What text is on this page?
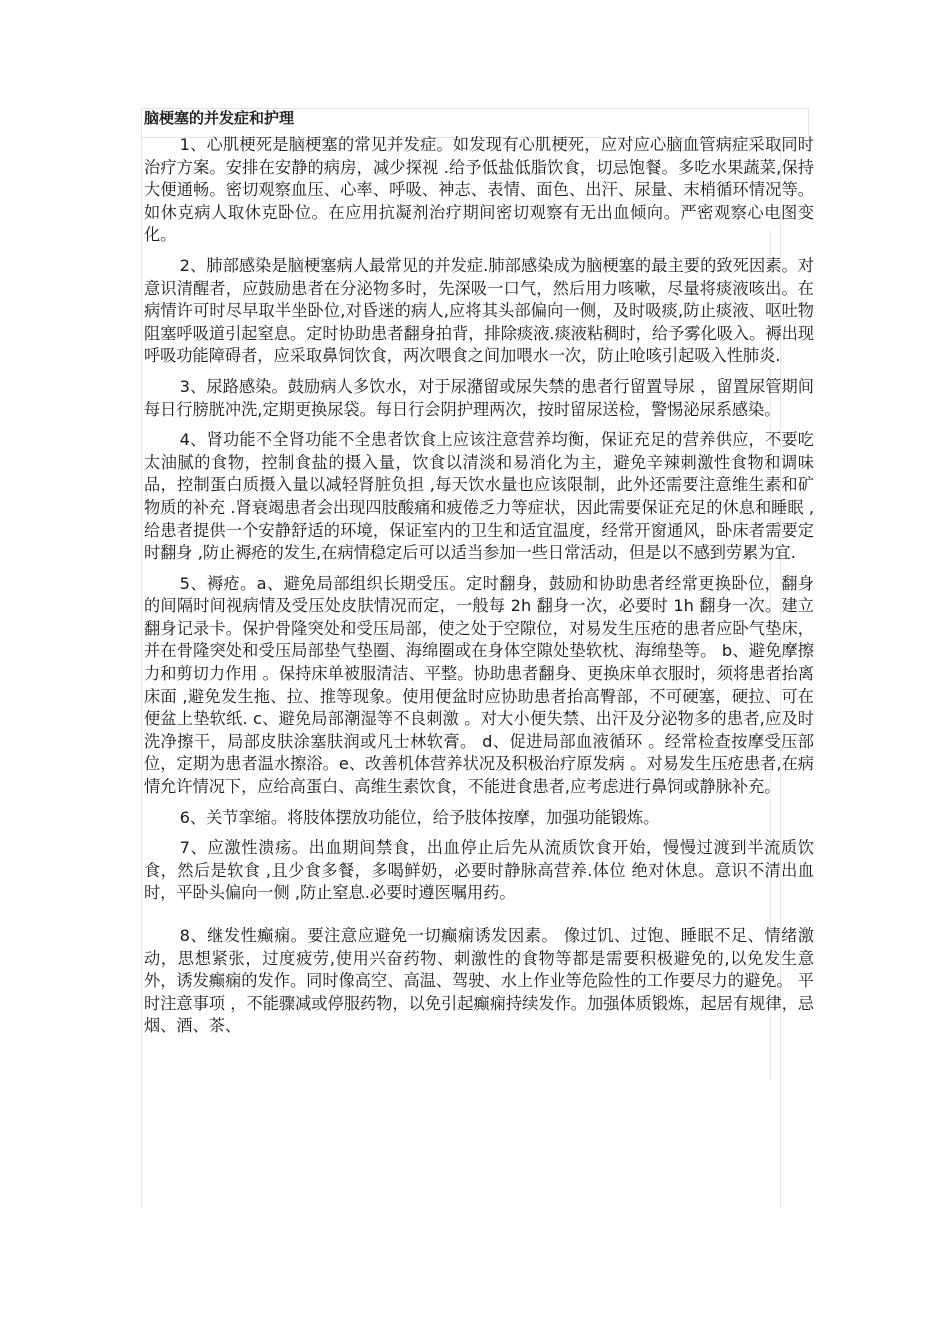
脑梗塞的并发症和护理

1、心肌梗死是脑梗塞的常见并发症。如发现有心肌梗死，应对应心脑血管病症采取同时治疗方案。安排在安静的病房，减少探视 .给予低盐低脂饮食，切忌饱餐。多吃水果蔬菜,保持大便通畅。密切观察血压、心率、呼吸、神志、表情、面色、出汗、尿量、末梢循环情况等。如休克病人取休克卧位。在应用抗凝剂治疗期间密切观察有无出血倾向。严密观察心电图变化。

2、肺部感染是脑梗塞病人最常见的并发症.肺部感染成为脑梗塞的最主要的致死因素。对意识清醒者，应鼓励患者在分泌物多时，先深吸一口气，然后用力咳嗽，尽量将痰液咳出。在病情许可时尽早取半坐卧位,对昏迷的病人,应将其头部偏向一侧，及时吸痰,防止痰液、呕吐物阻塞呼吸道引起窒息。定时协助患者翻身拍背，排除痰液.痰液粘稠时，给予雾化吸入。褥出现呼吸功能障碍者，应采取鼻饲饮食，两次喂食之间加喂水一次，防止呛咳引起吸入性肺炎.

3、尿路感染。鼓励病人多饮水，对于尿潴留或尿失禁的患者行留置导尿 ，留置尿管期间每日行膀胱冲洗,定期更换尿袋。每日行会阴护理两次，按时留尿送检，警惕泌尿系感染。

4、肾功能不全肾功能不全患者饮食上应该注意营养均衡，保证充足的营养供应，不要吃太油腻的食物，控制食盐的摄入量，饮食以清淡和易消化为主，避免辛辣刺激性食物和调味品，控制蛋白质摄入量以减轻肾脏负担 ,每天饮水量也应该限制，此外还需要注意维生素和矿物质的补充 .肾衰竭患者会出现四肢酸痛和疲倦乏力等症状，因此需要保证充足的休息和睡眠 ,给患者提供一个安静舒适的环境，保证室内的卫生和适宜温度，经常开窗通风，卧床者需要定时翻身 ,防止褥疮的发生,在病情稳定后可以适当参加一些日常活动，但是以不感到劳累为宜.

5、褥疮。a、避免局部组织长期受压。定时翻身，鼓励和协助患者经常更换卧位，翻身的间隔时间视病情及受压处皮肤情况而定，一般每 2h 翻身一次，必要时 1h 翻身一次。建立翻身记录卡。保护骨隆突处和受压局部，使之处于空隙位，对易发生压疮的患者应卧气垫床，并在骨隆突处和受压局部垫气垫圈、海绵圈或在身体空隙处垫软枕、海绵垫等。 b、避免摩擦力和剪切力作用 。保持床单被服清洁、平整。协助患者翻身、更换床单衣服时，须将患者抬离床面 ,避免发生拖、拉、推等现象。使用便盆时应协助患者抬高臀部，不可硬塞，硬拉、可在便盆上垫软纸. c、避免局部潮湿等不良刺激 。对大小便失禁、出汗及分泌物多的患者,应及时洗净擦干，局部皮肤涂塞肤润或凡士林软膏。 d、促进局部血液循环 。经常检查按摩受压部位，定期为患者温水擦浴。e、改善机体营养状况及积极治疗原发病 。对易发生压疮患者,在病情允许情况下，应给高蛋白、高维生素饮食，不能进食患者,应考虑进行鼻饲或静脉补充。

6、关节挛缩。将肢体摆放功能位，给予肢体按摩，加强功能锻炼。

7、应激性溃疡。出血期间禁食，出血停止后先从流质饮食开始，慢慢过渡到半流质饮食，然后是软食 ,且少食多餐，多喝鲜奶，必要时静脉高营养.体位 绝对休息。意识不清出血时，平卧头偏向一侧 ,防止窒息.必要时遵医嘱用药。

8、继发性癫痫。要注意应避免一切癫痫诱发因素。 像过饥、过饱、睡眠不足、情绪激动，思想紧张，过度疲劳,使用兴奋药物、刺激性的食物等都是需要积极避免的,以免发生意外，诱发癫痫的发作。同时像高空、高温、驾驶、水上作业等危险性的工作要尽力的避免。 平时注意事项 ，不能骤减或停服药物，以免引起癫痫持续发作。加强体质锻炼，起居有规律，忌烟、酒、茶、
